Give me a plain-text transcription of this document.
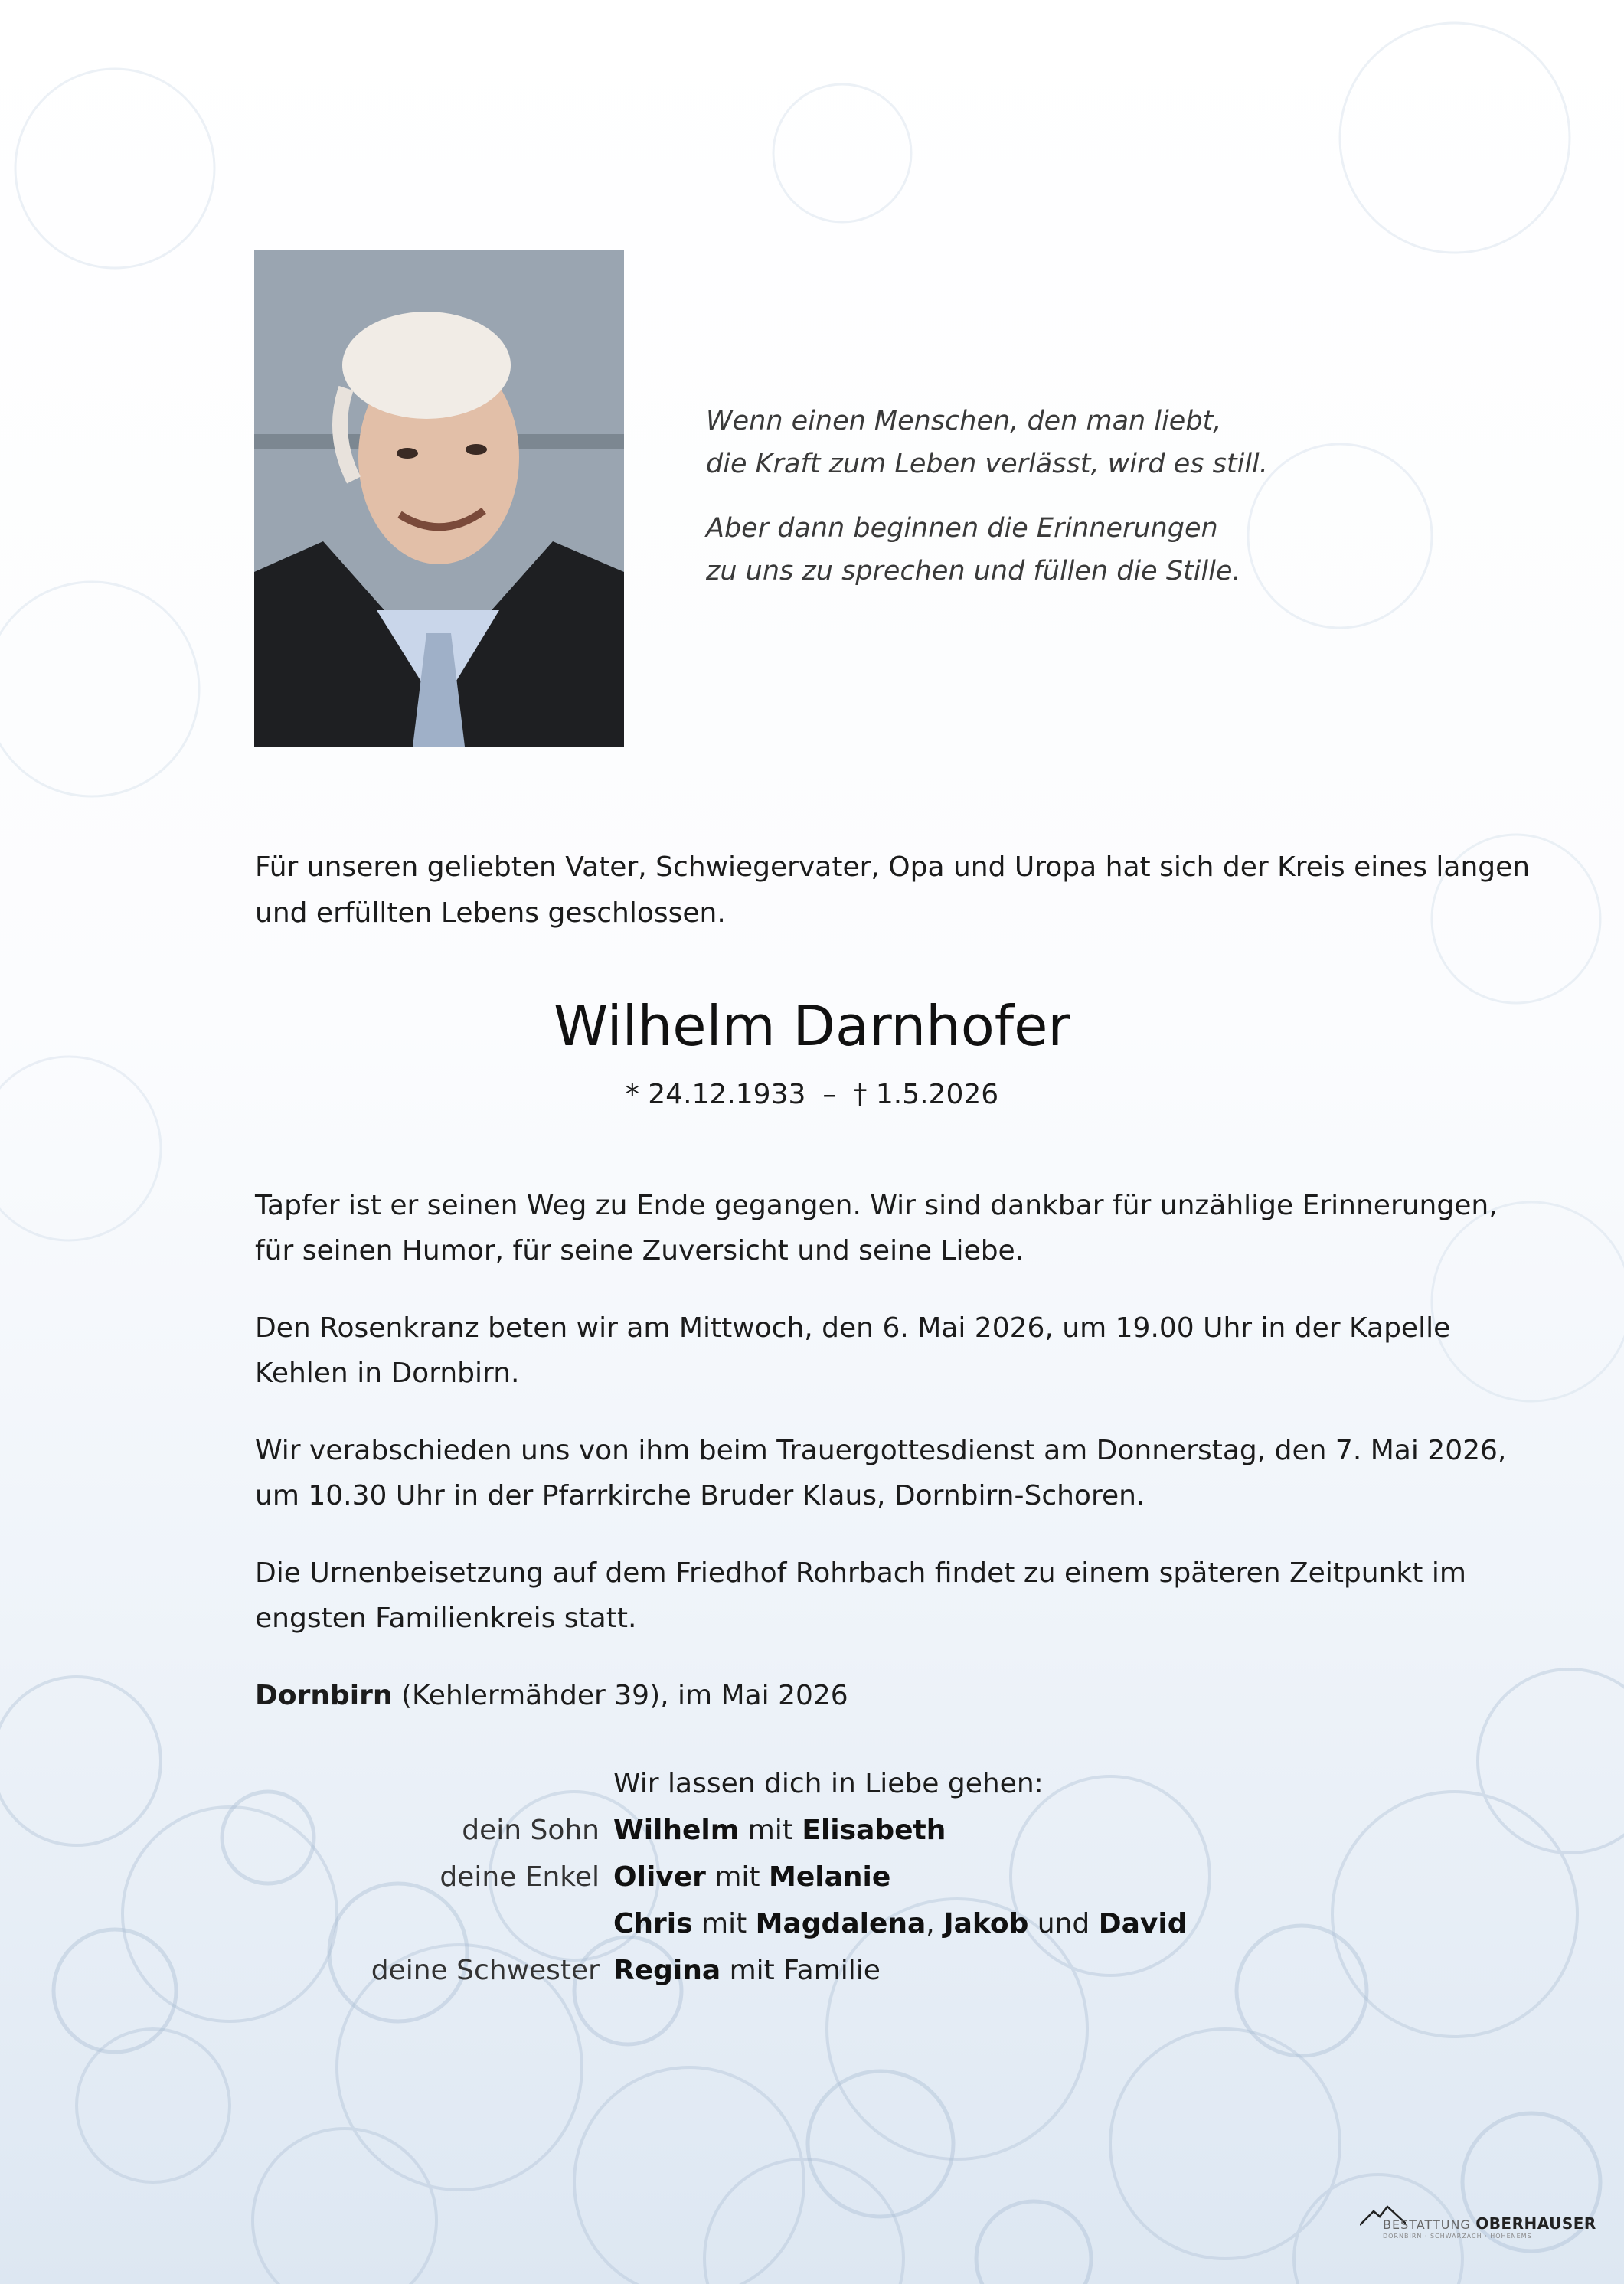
Wenn einen Menschen, den man liebt,
die Kraft zum Leben verlässt, wird es still.

Aber dann beginnen die Erinnerungen
zu uns zu sprechen und füllen die Stille.

Für unseren geliebten Vater, Schwiegervater, Opa und Uropa hat sich der Kreis eines langen
und erfüllten Lebens geschlossen.
Wilhelm Darnhofer
* 24.12.1933 – † 1.5.2026

Tapfer ist er seinen Weg zu Ende gegangen. Wir sind dankbar für unzählige Erinnerungen,
für seinen Humor, für seine Zuversicht und seine Liebe.

Den Rosenkranz beten wir am Mittwoch, den 6. Mai 2026, um 19.00 Uhr in der Kapelle
Kehlen in Dornbirn.

Wir verabschieden uns von ihm beim Trauergottesdienst am Donnerstag, den 7. Mai 2026,
um 10.30 Uhr in der Pfarrkirche Bruder Klaus, Dornbirn-Schoren.

Die Urnenbeisetzung auf dem Friedhof Rohrbach findet zu einem späteren Zeitpunkt im
engsten Familienkreis statt.

Dornbirn (Kehlermähder 39), im Mai 2026

Wir lassen dich in Liebe gehen:
dein Sohn Wilhelm mit Elisabeth
deine Enkel Oliver mit Melanie
Chris mit Magdalena, Jakob und David
deine Schwester Regina mit Familie
BESTATTUNG OBERHAUSER
DORNBIRN · SCHWARZACH · HOHENEMS
